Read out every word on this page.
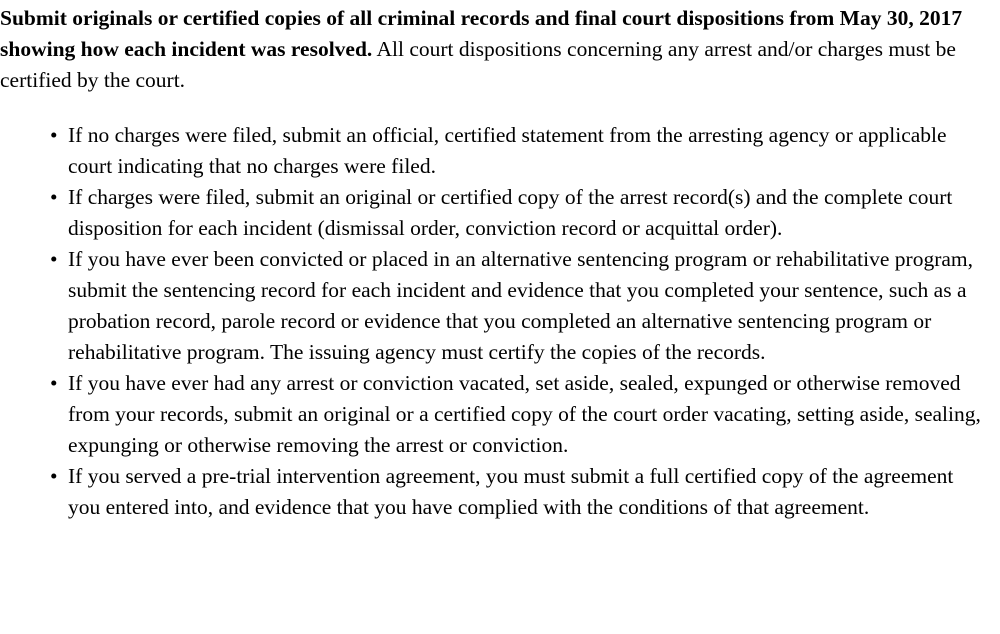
Submit originals or certified copies of all criminal records and final court dispositions from May 30, 2017 showing how each incident was resolved. All court dispositions concerning any arrest and/or charges must be certified by the court.

• If no charges were filed, submit an official, certified statement from the arresting agency or applicable court indicating that no charges were filed.
• If charges were filed, submit an original or certified copy of the arrest record(s) and the complete court disposition for each incident (dismissal order, conviction record or acquittal order).
• If you have ever been convicted or placed in an alternative sentencing program or rehabilitative program, submit the sentencing record for each incident and evidence that you completed your sentence, such as a probation record, parole record or evidence that you completed an alternative sentencing program or rehabilitative program. The issuing agency must certify the copies of the records.
• If you have ever had any arrest or conviction vacated, set aside, sealed, expunged or otherwise removed from your records, submit an original or a certified copy of the court order vacating, setting aside, sealing, expunging or otherwise removing the arrest or conviction.
• If you served a pre-trial intervention agreement, you must submit a full certified copy of the agreement you entered into, and evidence that you have complied with the conditions of that agreement.
